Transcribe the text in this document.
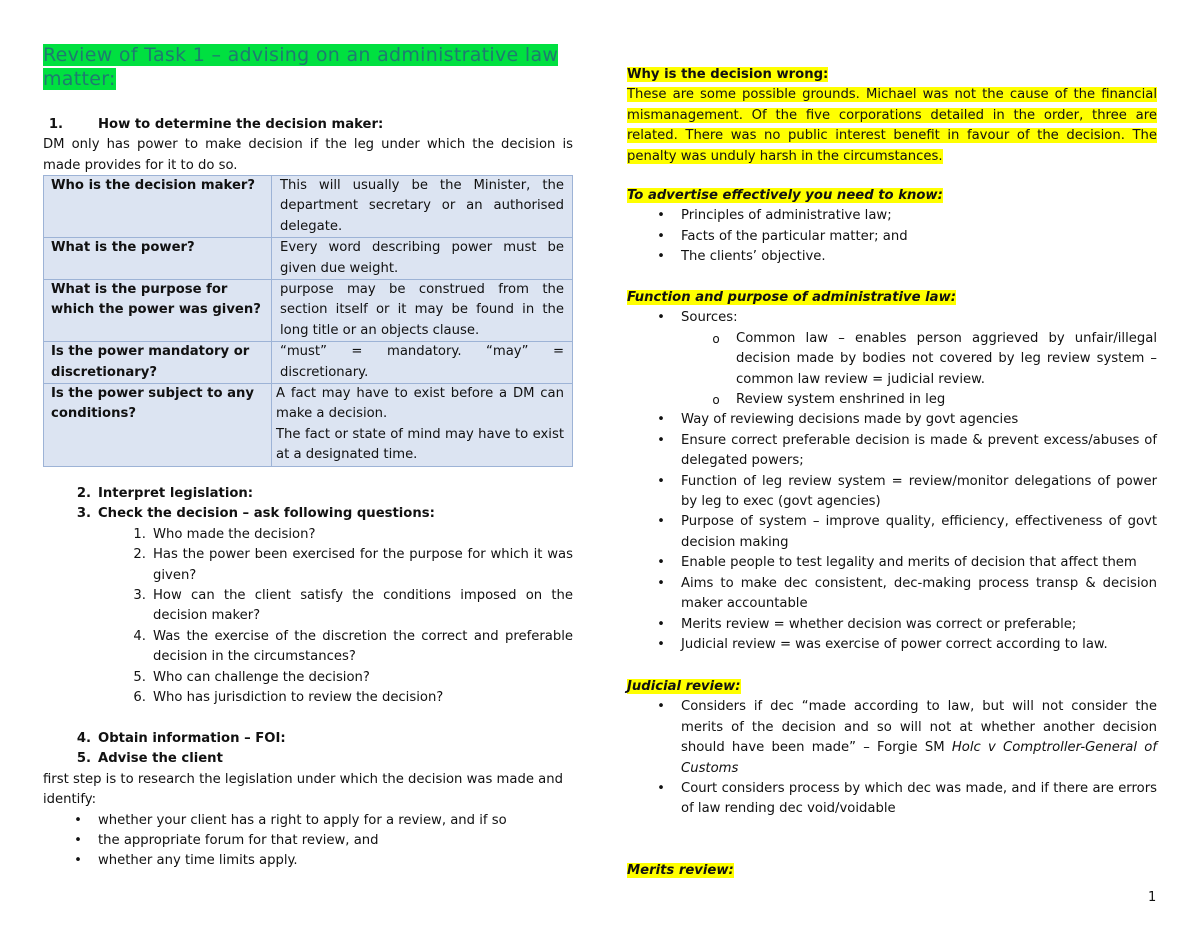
Review of Task 1 – advising on an administrative law matter:
1.	How to determine the decision maker:

DM only has power to make decision if the leg under which the decision is made provides for it to do so.

Who is the decision maker?	This will usually be the Minister, the department secretary or an authorised delegate.
What is the power?	Every word describing power must be given due weight.
What is the purpose for which the power was given?	purpose may be construed from the section itself or it may be found in the long title or an objects clause.
Is the power mandatory or discretionary?	“must” = mandatory. “may” = discretionary.
Is the power subject to any conditions?	A fact may have to exist before a DM can make a decision.
The fact or state of mind may have to exist at a designated time.
2. Interpret legislation:
3. Check the decision – ask following questions:
1. Who made the decision?
2. Has the power been exercised for the purpose for which it was given?
3. How can the client satisfy the conditions imposed on the decision maker?
4. Was the exercise of the discretion the correct and preferable decision in the circumstances?
5. Who can challenge the decision?
6. Who has jurisdiction to review the decision?
4. Obtain information – FOI:
5. Advise the client

first step is to research the legislation under which the decision was made and identify:

• whether your client has a right to apply for a review, and if so
• the appropriate forum for that review, and
• whether any time limits apply.
Why is the decision wrong:

These are some possible grounds. Michael was not the cause of the financial mismanagement. Of the five corporations detailed in the order, three are related. There was no public interest benefit in favour of the decision. The penalty was unduly harsh in the circumstances.

To advertise effectively you need to know:
• Principles of administrative law;
• Facts of the particular matter; and
• The clients’ objective.
Function and purpose of administrative law:
• Sources:
o Common law – enables person aggrieved by unfair/illegal decision made by bodies not covered by leg review system – common law review = judicial review.
o Review system enshrined in leg
• Way of reviewing decisions made by govt agencies
• Ensure correct preferable decision is made & prevent excess/abuses of delegated powers;
• Function of leg review system = review/monitor delegations of power by leg to exec (govt agencies)
• Purpose of system – improve quality, efficiency, effectiveness of govt decision making
• Enable people to test legality and merits of decision that affect them
• Aims to make dec consistent, dec-making process transp & decision maker accountable
• Merits review = whether decision was correct or preferable;
• Judicial review = was exercise of power correct according to law.
Judicial review:
• Considers if dec “made according to law, but will not consider the merits of the decision and so will not at whether another decision should have been made” – Forgie SM Holc v Comptroller-General of Customs
• Court considers process by which dec was made, and if there are errors of law rending dec void/voidable
Merits review:
1
